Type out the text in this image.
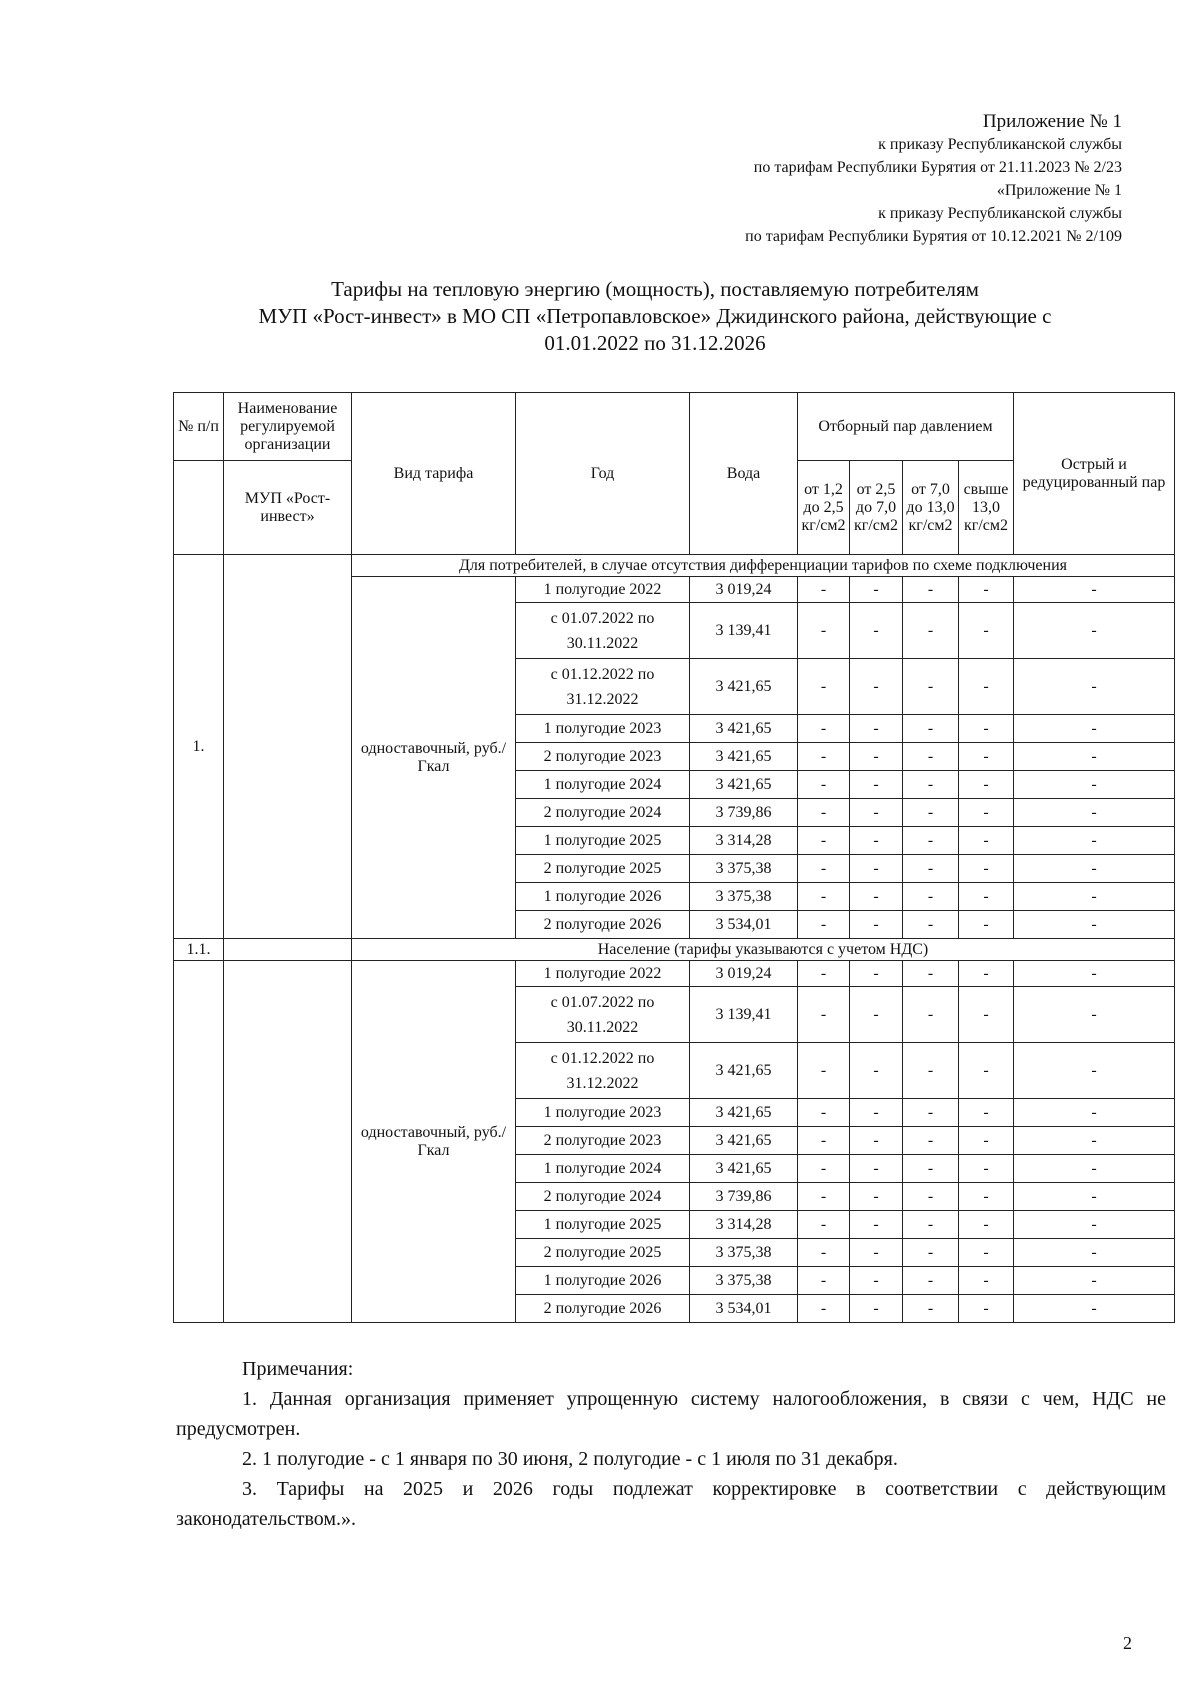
Приложение № 1
к приказу Республиканской службы
по тарифам Республики Бурятия от 21.11.2023 № 2/23
«Приложение № 1
к приказу Республиканской службы
по тарифам Республики Бурятия от 10.12.2021 № 2/109
Тарифы на тепловую энергию (мощность), поставляемую потребителям
МУП «Рост-инвест» в МО СП «Петропавловское» Джидинского района, действующие с
01.01.2022 по 31.12.2026
№ п/п	Наименование регулируемой организации	Вид тарифа	Год	Вода	Отборный пар давлением				Острый и редуцированный пар
	МУП «Рост-инвест»				от 1,2 до 2,5 кг/см2	от 2,5 до 7,0 кг/см2	от 7,0 до 13,0 кг/см2	свыше 13,0 кг/см2	
1.		Для потребителей, в случае отсутствия дифференциации тарифов по схеме подключения							
		одноставочный, руб./Гкал	1 полугодие 2022	3 019,24	-	-	-	-	-
			с 01.07.2022 по 30.11.2022	3 139,41	-	-	-	-	-
			с 01.12.2022 по 31.12.2022	3 421,65	-	-	-	-	-
			1 полугодие 2023	3 421,65	-	-	-	-	-
			2 полугодие 2023	3 421,65	-	-	-	-	-
			1 полугодие 2024	3 421,65	-	-	-	-	-
			2 полугодие 2024	3 739,86	-	-	-	-	-
			1 полугодие 2025	3 314,28	-	-	-	-	-
			2 полугодие 2025	3 375,38	-	-	-	-	-
			1 полугодие 2026	3 375,38	-	-	-	-	-
			2 полугодие 2026	3 534,01	-	-	-	-	-
1.1.		Население (тарифы указываются с учетом НДС)							
		одноставочный, руб./Гкал	1 полугодие 2022	3 019,24	-	-	-	-	-
			с 01.07.2022 по 30.11.2022	3 139,41	-	-	-	-	-
			с 01.12.2022 по 31.12.2022	3 421,65	-	-	-	-	-
			1 полугодие 2023	3 421,65	-	-	-	-	-
			2 полугодие 2023	3 421,65	-	-	-	-	-
			1 полугодие 2024	3 421,65	-	-	-	-	-
			2 полугодие 2024	3 739,86	-	-	-	-	-
			1 полугодие 2025	3 314,28	-	-	-	-	-
			2 полугодие 2025	3 375,38	-	-	-	-	-
			1 полугодие 2026	3 375,38	-	-	-	-	-
			2 полугодие 2026	3 534,01	-	-	-	-	-

Примечания:

1. Данная организация применяет упрощенную систему налогообложения, в связи с чем, НДС не предусмотрен.

2. 1 полугодие - с 1 января по 30 июня, 2 полугодие - с 1 июля по 31 декабря.

3. Тарифы на 2025 и 2026 годы подлежат корректировке в соответствии с действующим законодательством.».

2
